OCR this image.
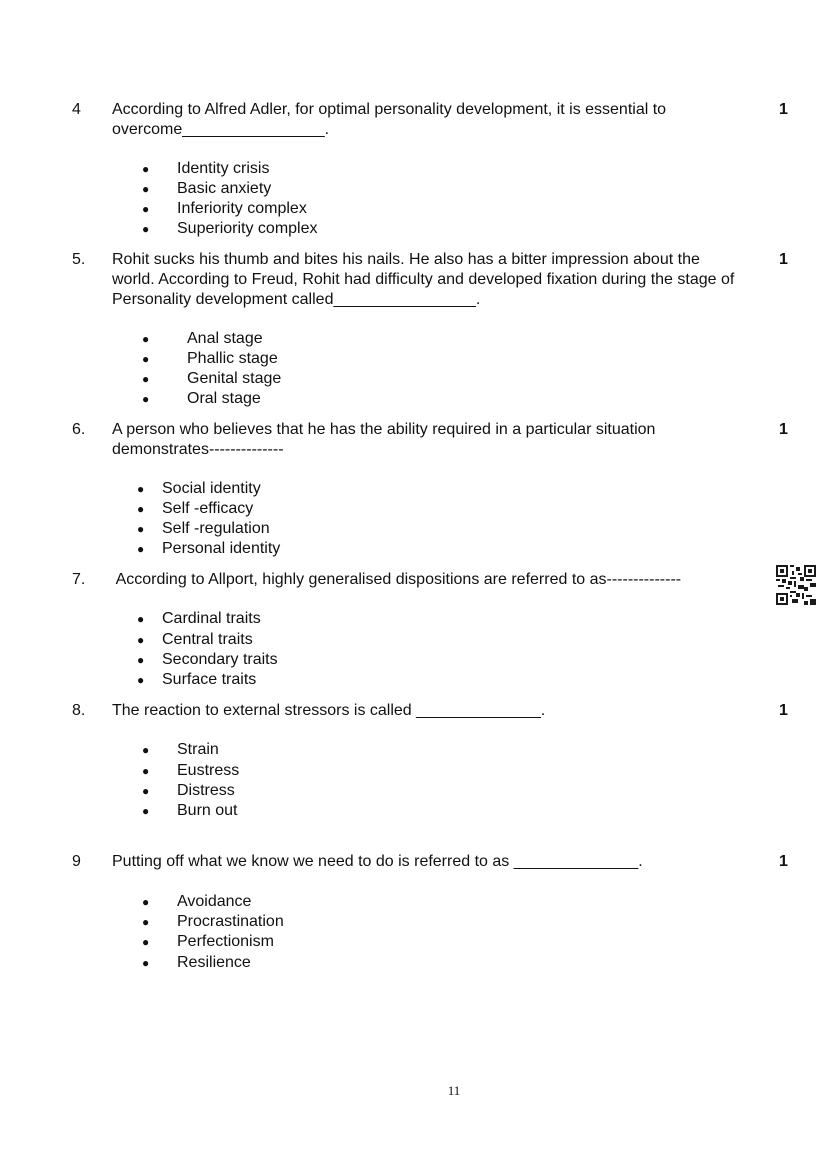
4 According to Alfred Adler, for optimal personality development, it is essential to
overcome________________.
1
● Identity crisis
● Basic anxiety
● Inferiority complex
● Superiority complex
5. Rohit sucks his thumb and bites his nails. He also has a bitter impression about the
world. According to Freud, Rohit had difficulty and developed fixation during the stage of
Personality development called________________.
1
● Anal stage
● Phallic stage
● Genital stage
● Oral stage
6. A person who believes that he has the ability required in a particular situation
demonstrates--------------
1
● Social identity
● Self -efficacy
● Self -regulation
● Personal identity
7. According to Allport, highly generalised dispositions are referred to as--------------
● Cardinal traits
● Central traits
● Secondary traits
● Surface traits
8. The reaction to external stressors is called ______________.	1
● Strain
● Eustress
● Distress
● Burn out
9 Putting off what we know we need to do is referred to as ______________.	1
● Avoidance
● Procrastination
● Perfectionism
● Resilience
11
